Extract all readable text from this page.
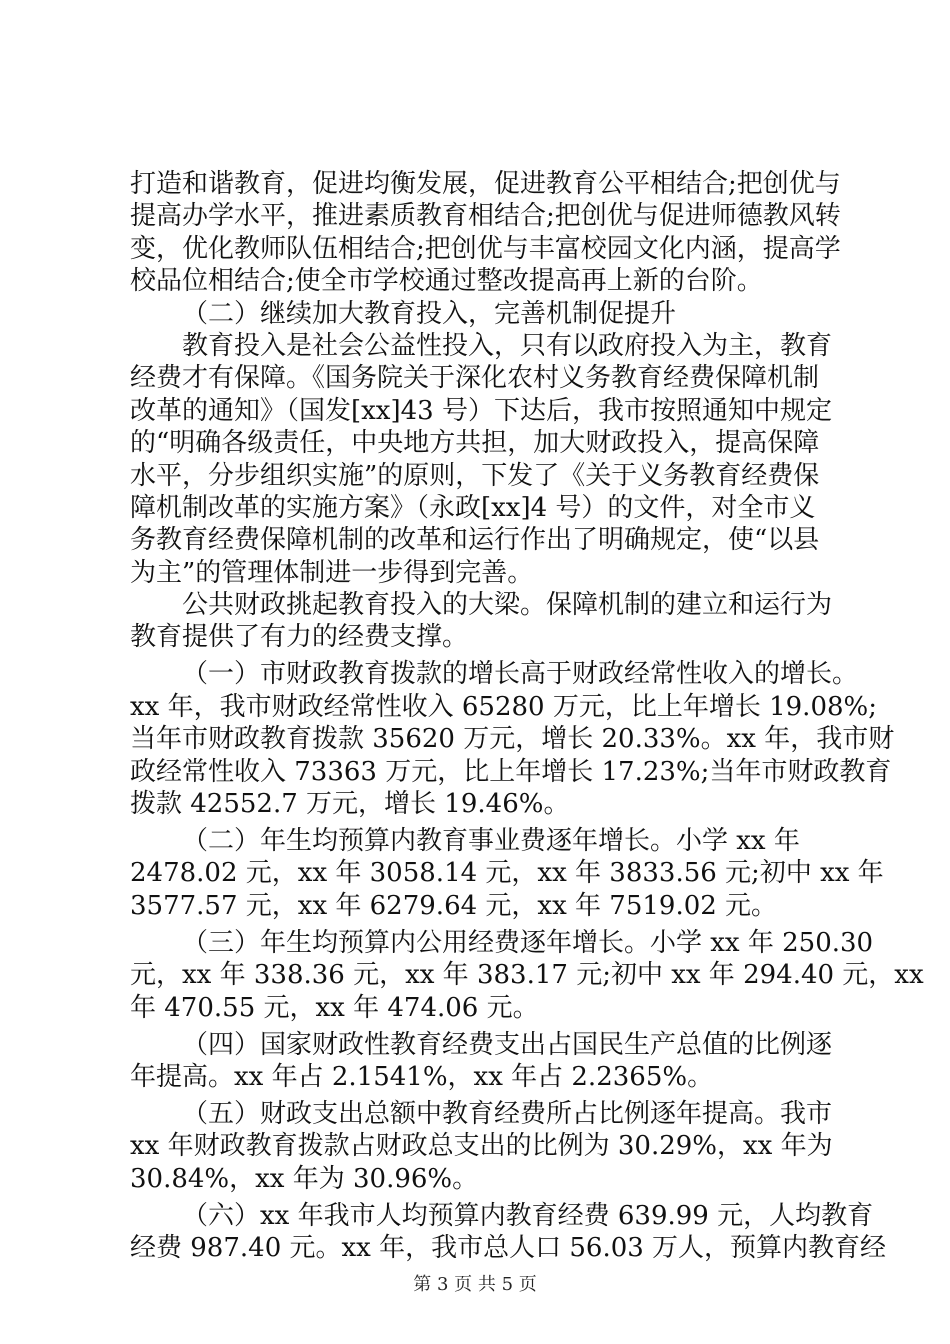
打造和谐教育，促进均衡发展，促进教育公平相结合;把创优与
提高办学水平，推进素质教育相结合;把创优与促进师德教风转
变，优化教师队伍相结合;把创优与丰富校园文化内涵，提高学
校品位相结合;使全市学校通过整改提高再上新的台阶。
（二）继续加大教育投入，完善机制促提升
教育投入是社会公益性投入，只有以政府投入为主，教育
经费才有保障。《国务院关于深化农村义务教育经费保障机制
改革的通知》（国发[xx]43 号）下达后，我市按照通知中规定
的“明确各级责任，中央地方共担，加大财政投入，提高保障
水平，分步组织实施”的原则，下发了《关于义务教育经费保
障机制改革的实施方案》（永政[xx]4 号）的文件，对全市义
务教育经费保障机制的改革和运行作出了明确规定，使“以县
为主”的管理体制进一步得到完善。
公共财政挑起教育投入的大梁。保障机制的建立和运行为
教育提供了有力的经费支撑。
（一）市财政教育拨款的增长高于财政经常性收入的增长。
xx 年，我市财政经常性收入 65280 万元，比上年增长 19.08%;
当年市财政教育拨款 35620 万元，增长 20.33%。xx 年，我市财
政经常性收入 73363 万元，比上年增长 17.23%;当年市财政教育
拨款 42552.7 万元，增长 19.46%。
（二）年生均预算内教育事业费逐年增长。小学 xx 年
2478.02 元，xx 年 3058.14 元，xx 年 3833.56 元;初中 xx 年
3577.57 元，xx 年 6279.64 元，xx 年 7519.02 元。
（三）年生均预算内公用经费逐年增长。小学 xx 年 250.30
元，xx 年 338.36 元，xx 年 383.17 元;初中 xx 年 294.40 元，xx
年 470.55 元，xx 年 474.06 元。
（四）国家财政性教育经费支出占国民生产总值的比例逐
年提高。xx 年占 2.1541%，xx 年占 2.2365%。
（五）财政支出总额中教育经费所占比例逐年提高。我市
xx 年财政教育拨款占财政总支出的比例为 30.29%，xx 年为
30.84%，xx 年为 30.96%。
（六）xx 年我市人均预算内教育经费 639.99 元，人均教育
经费 987.40 元。xx 年，我市总人口 56.03 万人，预算内教育经
第 3 页 共 5 页
